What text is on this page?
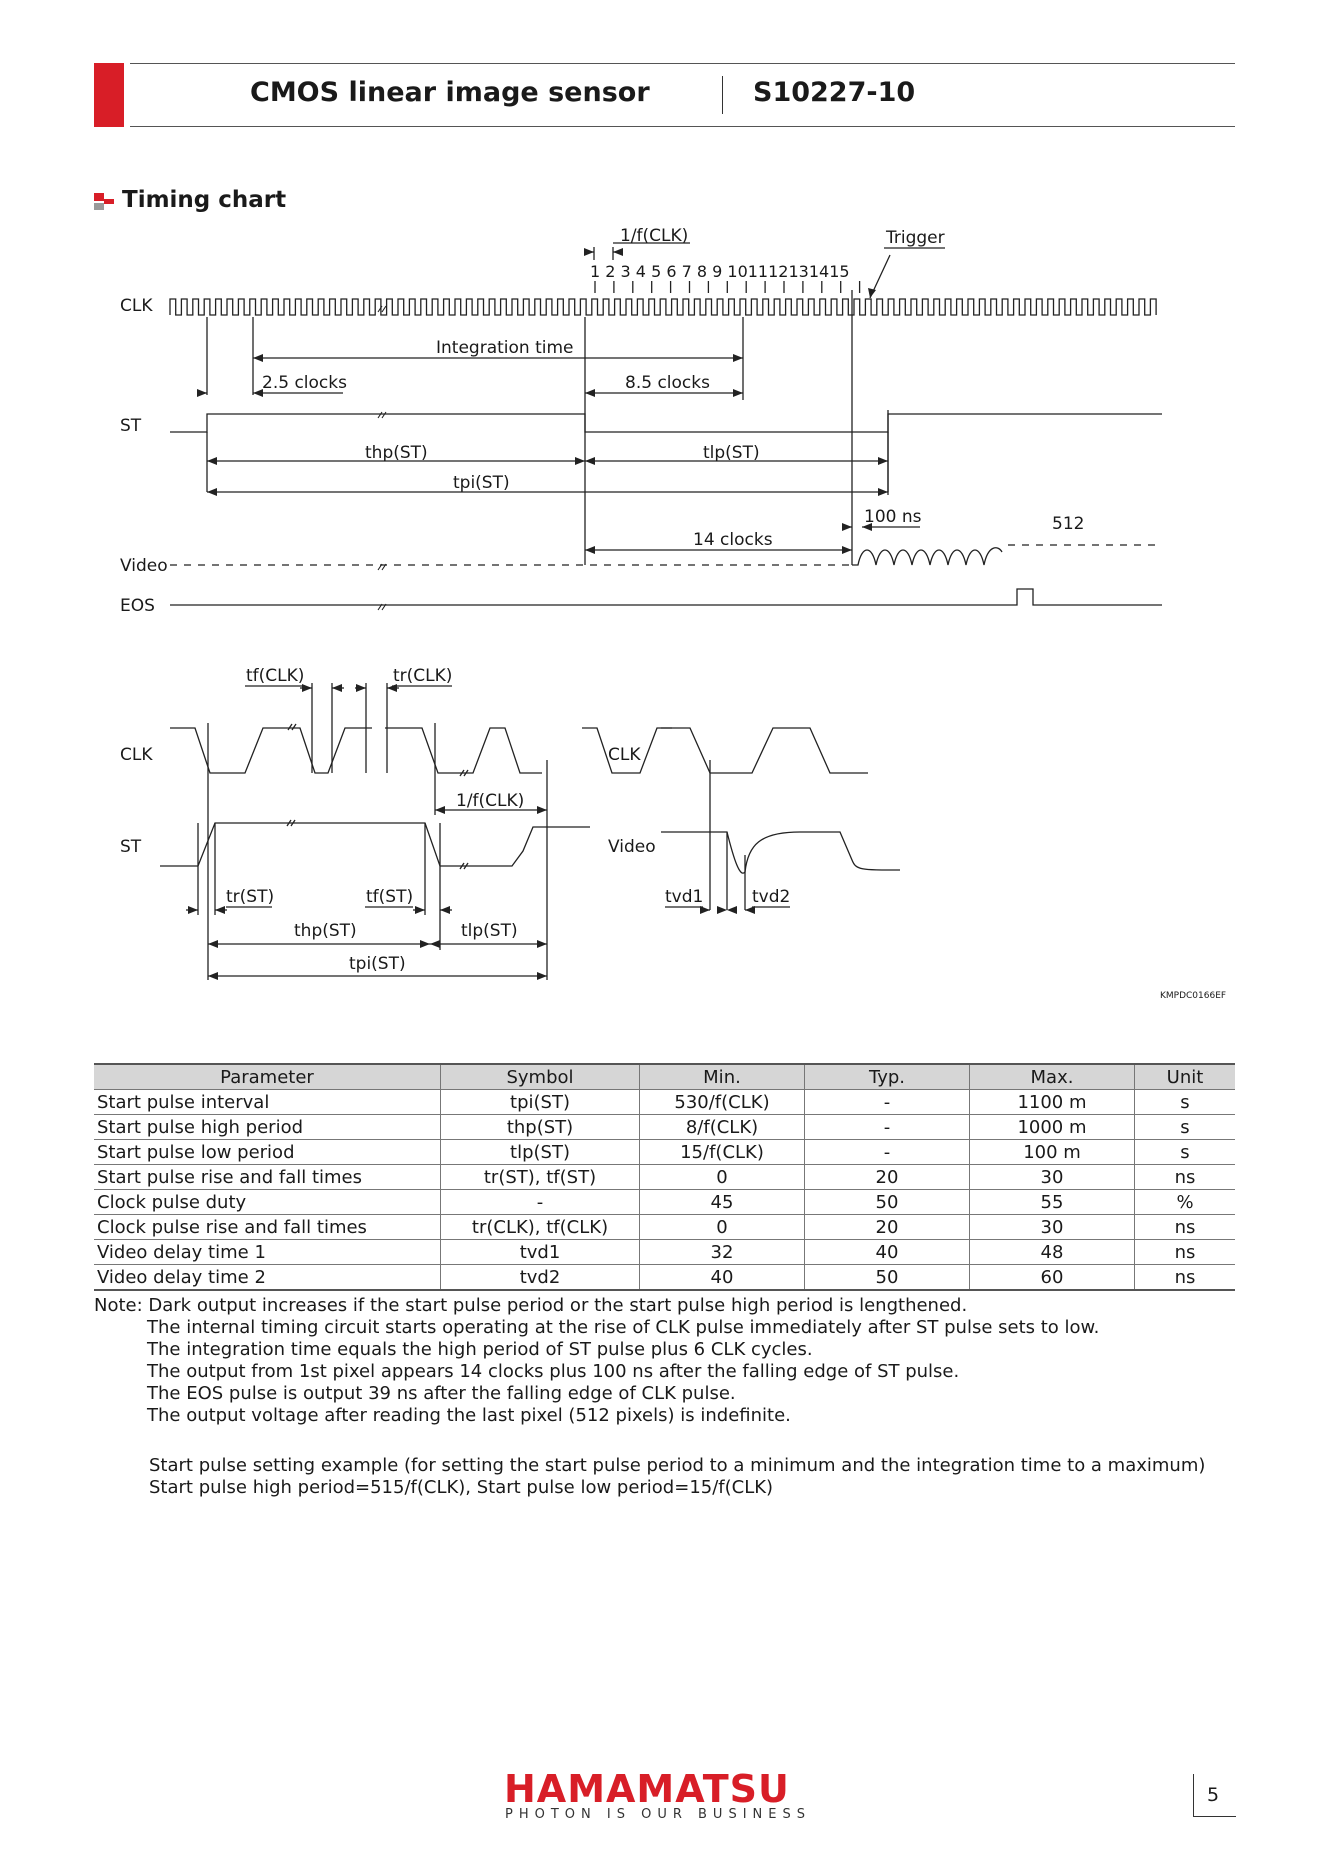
CMOS linear image sensor	S10227-10
Timing chart
CLK
1/f(CLK)
1 2 3 4 5 6 7 8 9 101112131415
Trigger
Integration time
2.5 clocks	8.5 clocks
ST
thp(ST)	tlp(ST)
tpi(ST)
100 ns	512
14 clocks
Video
EOS
tf(CLK)	tr(CLK)
CLK
1/f(CLK)
ST
tr(ST)	tf(ST)
thp(ST)	tlp(ST)
tpi(ST)
CLK
Video
tvd1	tvd2
KMPDC0166EF
Parameter	Symbol	Min.	Typ.	Max.	Unit
Start pulse interval	tpi(ST)	530/f(CLK)	-	1100 m	s
Start pulse high period	thp(ST)	8/f(CLK)	-	1000 m	s
Start pulse low period	tlp(ST)	15/f(CLK)	-	100 m	s
Start pulse rise and fall times	tr(ST), tf(ST)	0	20	30	ns
Clock pulse duty	-	45	50	55	%
Clock pulse rise and fall times	tr(CLK), tf(CLK)	0	20	30	ns
Video delay time 1	tvd1	32	40	48	ns
Video delay time 2	tvd2	40	50	60	ns
Note: Dark output increases if the start pulse period or the start pulse high period is lengthened.
The internal timing circuit starts operating at the rise of CLK pulse immediately after ST pulse sets to low.
The integration time equals the high period of ST pulse plus 6 CLK cycles.
The output from 1st pixel appears 14 clocks plus 100 ns after the falling edge of ST pulse.
The EOS pulse is output 39 ns after the falling edge of CLK pulse.
The output voltage after reading the last pixel (512 pixels) is indefinite.
Start pulse setting example (for setting the start pulse period to a minimum and the integration time to a maximum)
Start pulse high period=515/f(CLK), Start pulse low period=15/f(CLK)
HAMAMATSU
PHOTON IS OUR BUSINESS
5
